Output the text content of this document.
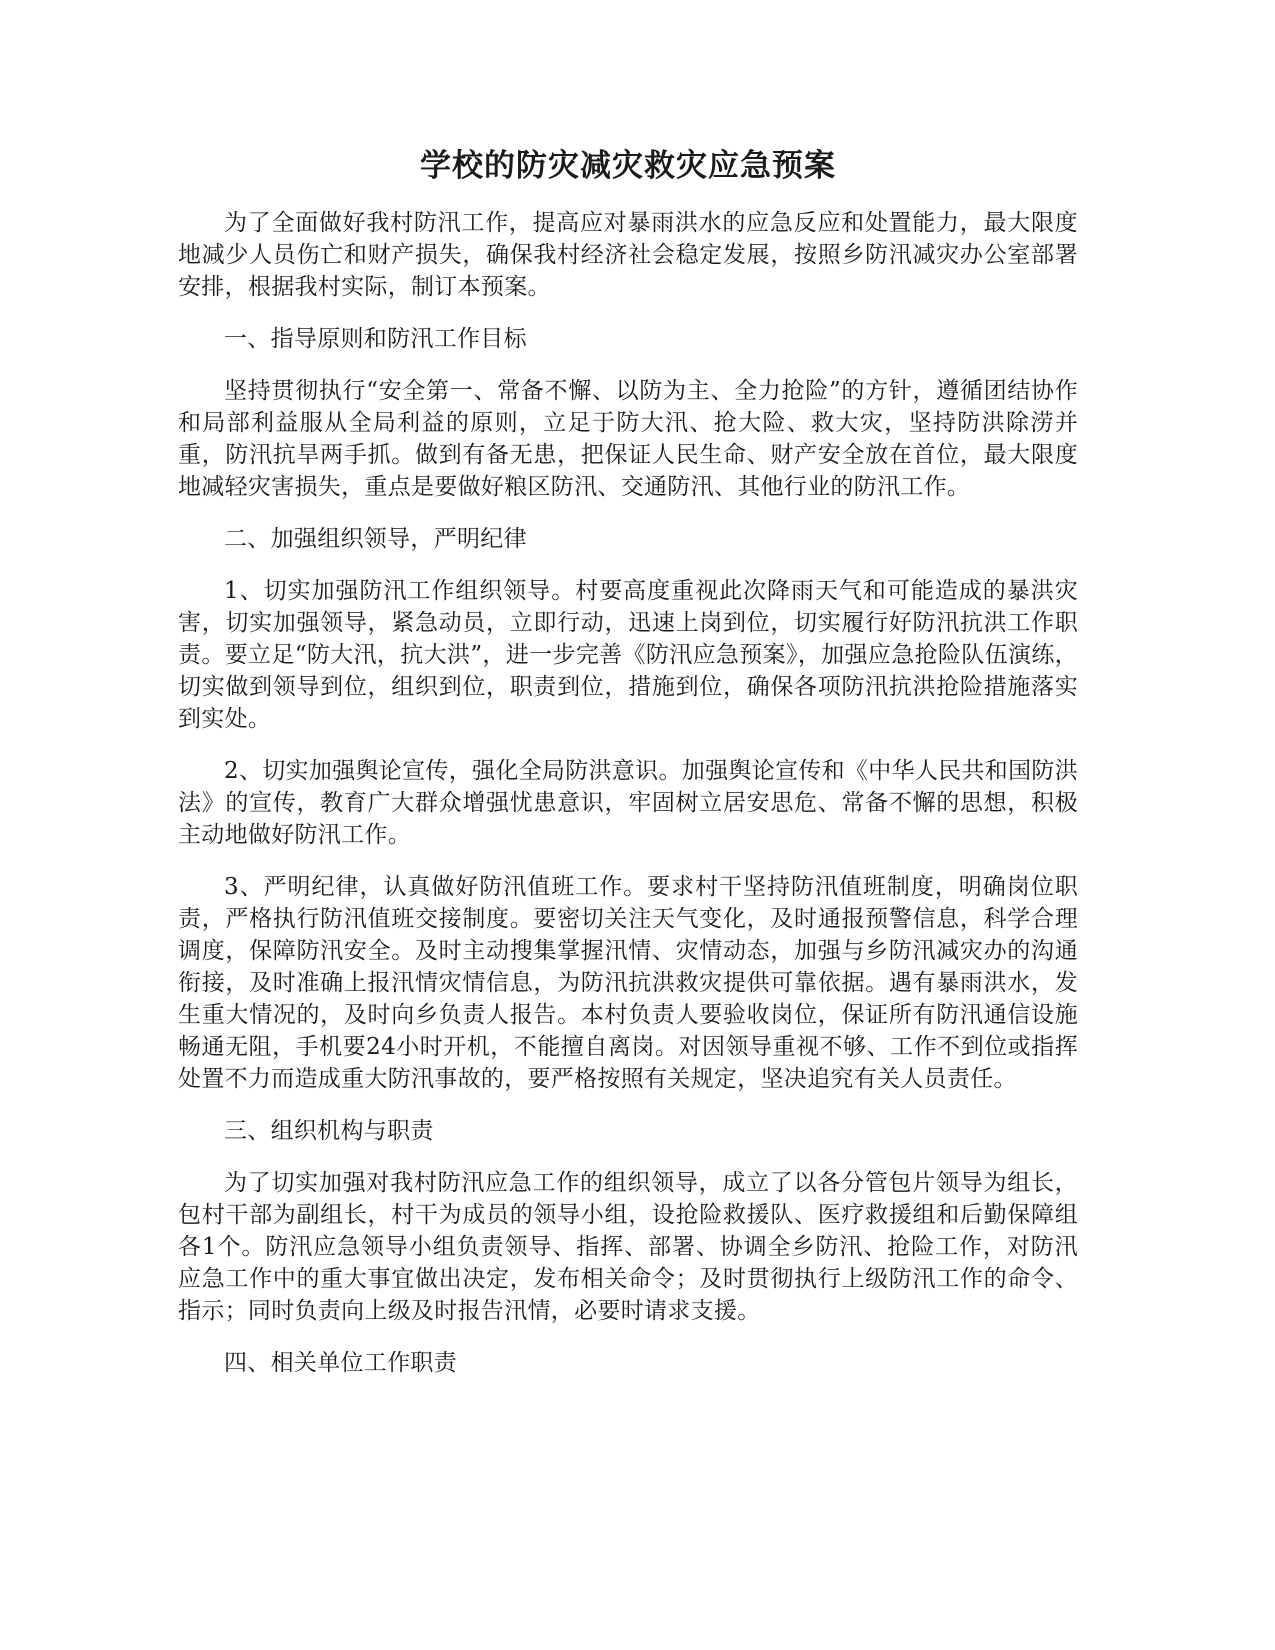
学校的防灾减灾救灾应急预案

为了全面做好我村防汛工作，提高应对暴雨洪水的应急反应和处置能力，最大限度地减少人员伤亡和财产损失，确保我村经济社会稳定发展，按照乡防汛减灾办公室部署安排，根据我村实际，制订本预案。

一、指导原则和防汛工作目标

坚持贯彻执行“安全第一、常备不懈、以防为主、全力抢险”的方针，遵循团结协作和局部利益服从全局利益的原则，立足于防大汛、抢大险、救大灾，坚持防洪除涝并重，防汛抗旱两手抓。做到有备无患，把保证人民生命、财产安全放在首位，最大限度地减轻灾害损失，重点是要做好粮区防汛、交通防汛、其他行业的防汛工作。

二、加强组织领导，严明纪律

1、切实加强防汛工作组织领导。村要高度重视此次降雨天气和可能造成的暴洪灾害，切实加强领导，紧急动员，立即行动，迅速上岗到位，切实履行好防汛抗洪工作职责。要立足“防大汛，抗大洪”，进一步完善《防汛应急预案》，加强应急抢险队伍演练，切实做到领导到位，组织到位，职责到位，措施到位，确保各项防汛抗洪抢险措施落实到实处。

2、切实加强舆论宣传，强化全局防洪意识。加强舆论宣传和《中华人民共和国防洪法》的宣传，教育广大群众增强忧患意识，牢固树立居安思危、常备不懈的思想，积极主动地做好防汛工作。

3、严明纪律，认真做好防汛值班工作。要求村干坚持防汛值班制度，明确岗位职责，严格执行防汛值班交接制度。要密切关注天气变化，及时通报预警信息，科学合理调度，保障防汛安全。及时主动搜集掌握汛情、灾情动态，加强与乡防汛减灾办的沟通衔接，及时准确上报汛情灾情信息，为防汛抗洪救灾提供可靠依据。遇有暴雨洪水，发生重大情况的，及时向乡负责人报告。本村负责人要验收岗位，保证所有防汛通信设施畅通无阻，手机要24小时开机，不能擅自离岗。对因领导重视不够、工作不到位或指挥处置不力而造成重大防汛事故的，要严格按照有关规定，坚决追究有关人员责任。

三、组织机构与职责

为了切实加强对我村防汛应急工作的组织领导，成立了以各分管包片领导为组长，包村干部为副组长，村干为成员的领导小组，设抢险救援队、医疗救援组和后勤保障组各1个。防汛应急领导小组负责领导、指挥、部署、协调全乡防汛、抢险工作，对防汛应急工作中的重大事宜做出决定，发布相关命令；及时贯彻执行上级防汛工作的命令、指示；同时负责向上级及时报告汛情，必要时请求支援。

四、相关单位工作职责
